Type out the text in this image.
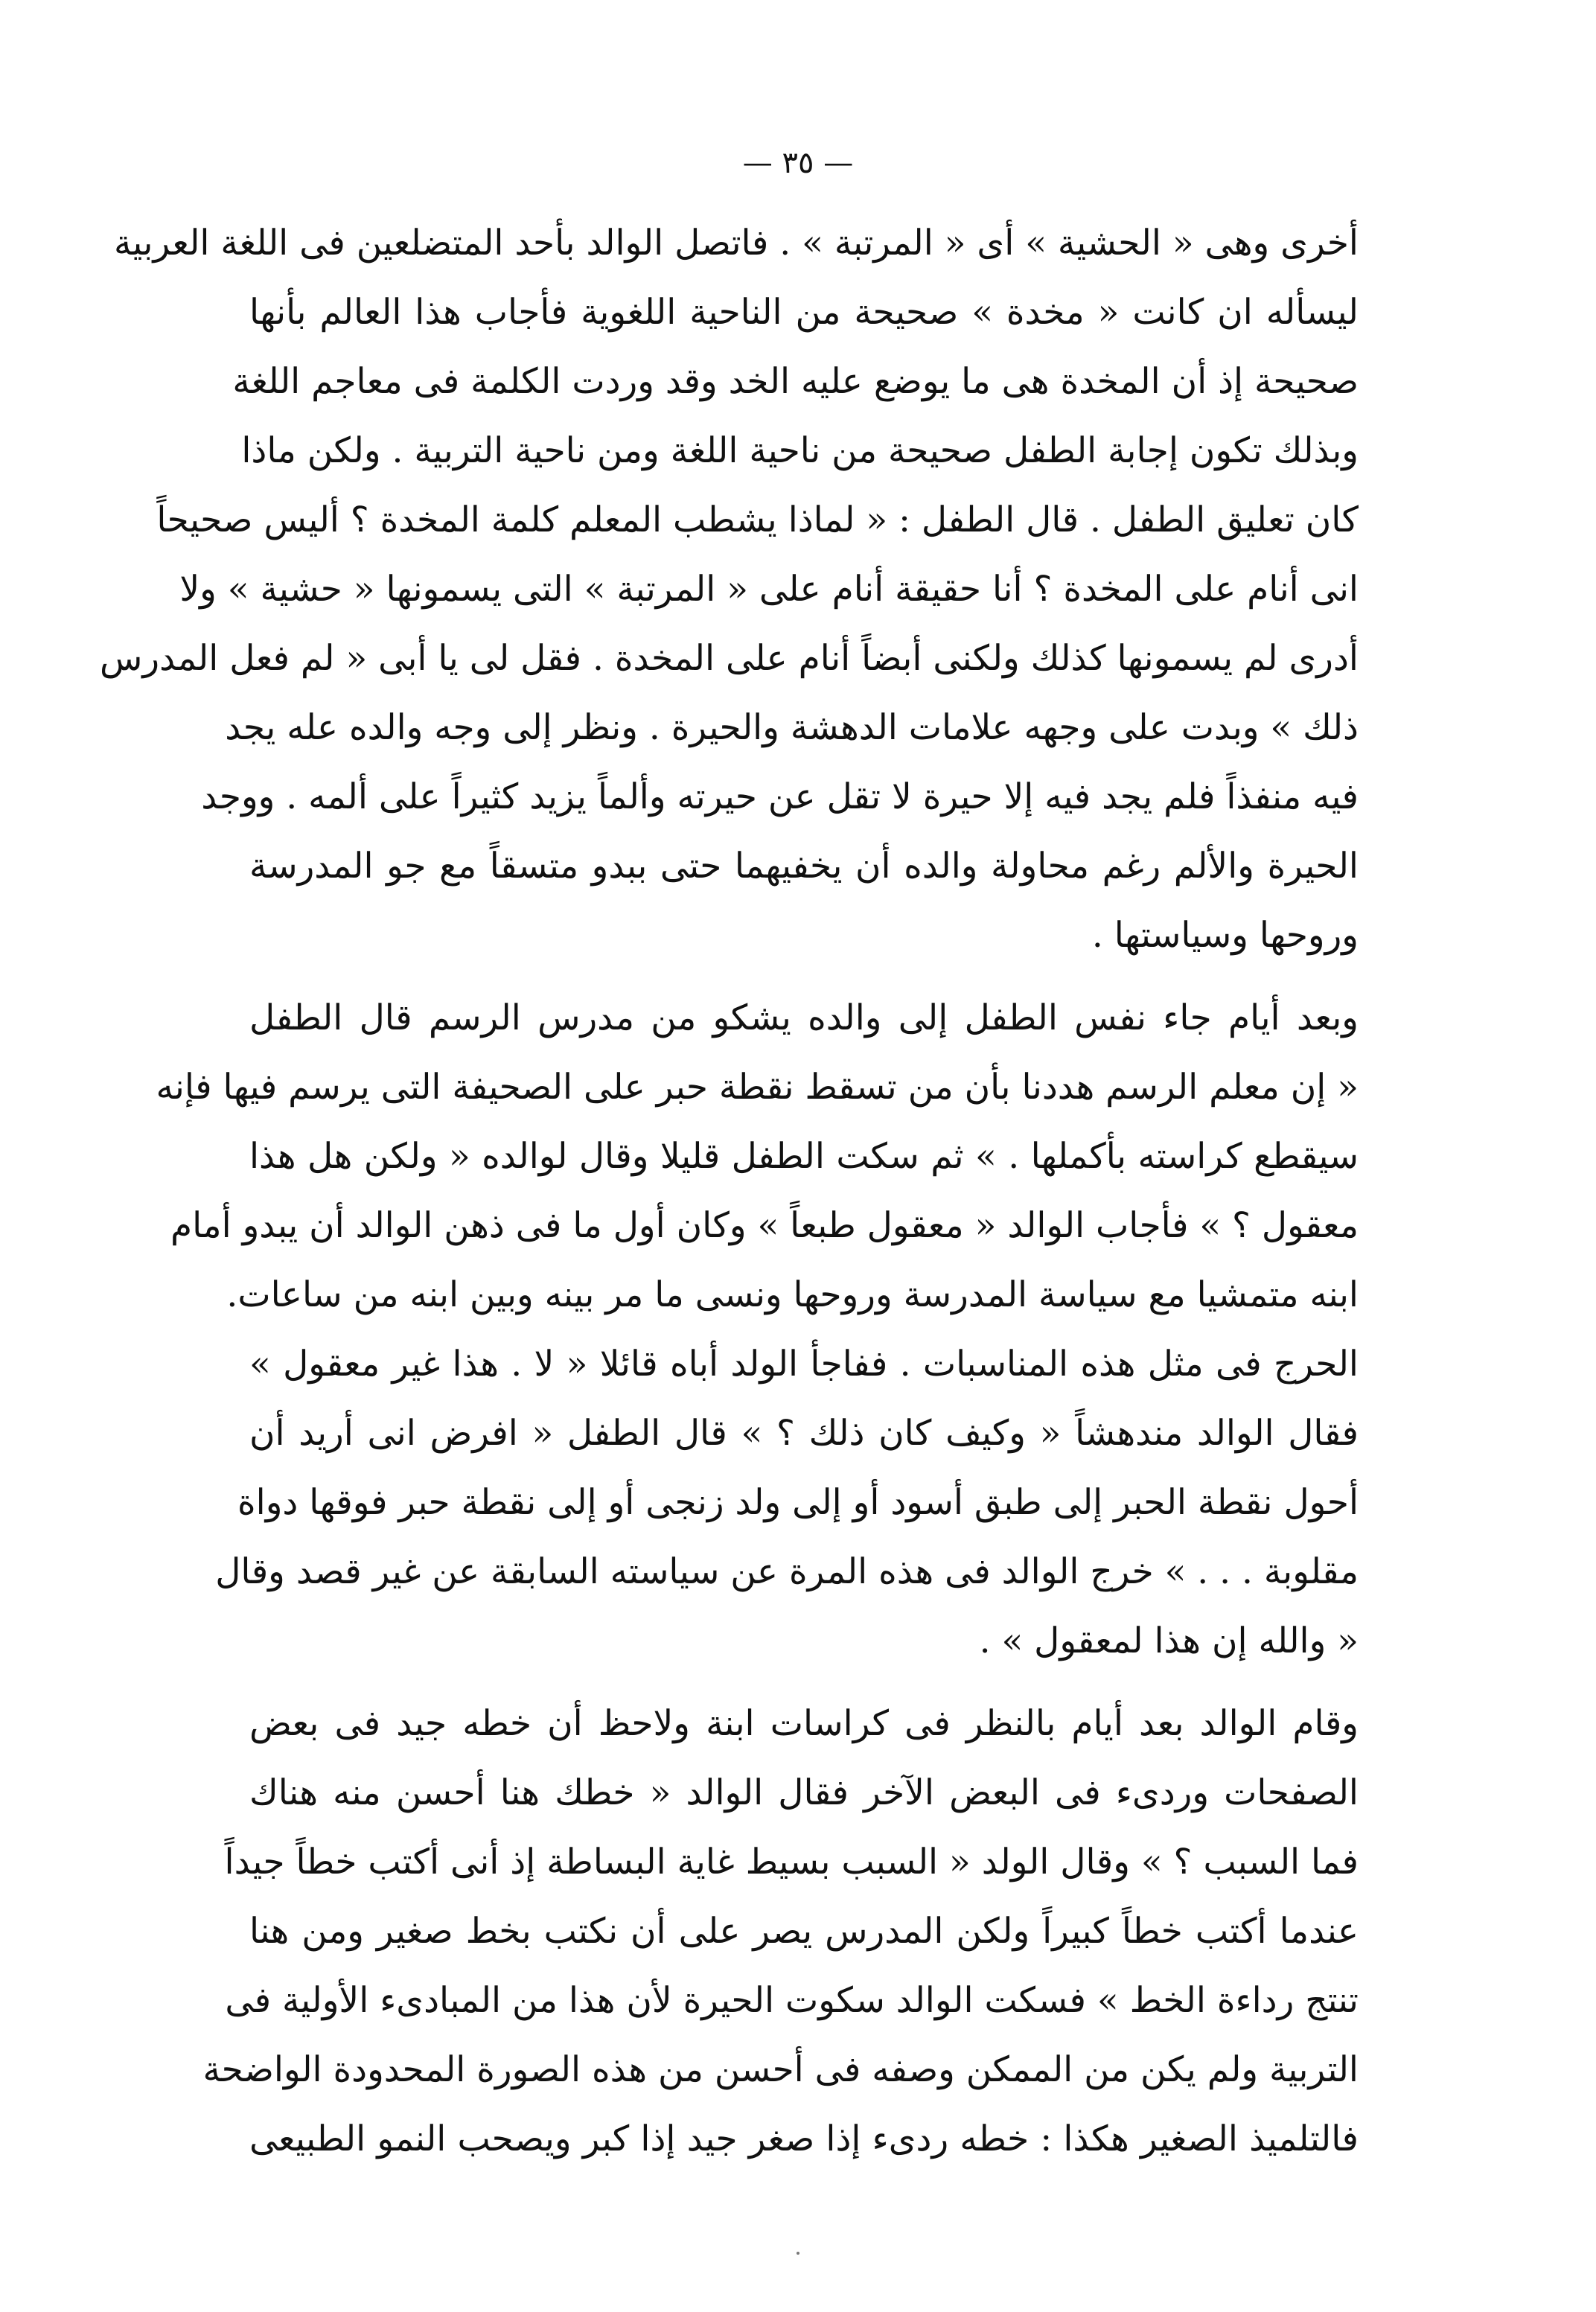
— ٣٥ —
أخرى وهى « الحشية » أى « المرتبة » . فاتصل الوالد بأحد المتضلعين فى اللغة العربية
ليسأله ان كانت « مخدة » صحيحة من الناحية اللغوية فأجاب هذا العالم بأنها
صحيحة إذ أن المخدة هى ما يوضع عليه الخد وقد وردت الكلمة فى معاجم اللغة
وبذلك تكون إجابة الطفل صحيحة من ناحية اللغة ومن ناحية التربية . ولكن ماذا
كان تعليق الطفل . قال الطفل : « لماذا يشطب المعلم كلمة المخدة ؟ أليس صحيحاً
انى أنام على المخدة ؟ أنا حقيقة أنام على « المرتبة » التى يسمونها « حشية » ولا
أدرى لم يسمونها كذلك ولكنى أبضاً أنام على المخدة . فقل لى يا أبى « لم فعل المدرس
ذلك » وبدت على وجهه علامات الدهشة والحيرة . ونظر إلى وجه والده عله يجد
فيه منفذاً فلم يجد فيه إلا حيرة لا تقل عن حيرته وألماً يزيد كثيراً على ألمه . ووجد
الحيرة والألم رغم محاولة والده أن يخفيهما حتى ببدو متسقاً مع جو المدرسة
وروحها وسياستها .
وبعد أيام جاء نفس الطفل إلى والده يشكو من مدرس الرسم قال الطفل
« إن معلم الرسم هددنا بأن من تسقط نقطة حبر على الصحيفة التى يرسم فيها فإنه
سيقطع كراسته بأكملها . » ثم سكت الطفل قليلا وقال لوالده « ولكن هل هذا
معقول ؟ » فأجاب الوالد « معقول طبعاً » وكان أول ما فى ذهن الوالد أن يبدو أمام
ابنه متمشيا مع سياسة المدرسة وروحها ونسى ما مر بينه وبين ابنه من ساعات.
الحرج فى مثل هذه المناسبات . ففاجأ الولد أباه قائلا « لا . هذا غير معقول »
فقال الوالد مندهشاً « وكيف كان ذلك ؟ » قال الطفل « افرض انى أريد أن
أحول نقطة الحبر إلى طبق أسود أو إلى ولد زنجى أو إلى نقطة حبر فوقها دواة
مقلوبة . . . » خرج الوالد فى هذه المرة عن سياسته السابقة عن غير قصد وقال
« والله إن هذا لمعقول » .
وقام الوالد بعد أيام بالنظر فى كراسات ابنة ولاحظ أن خطه جيد فى بعض
الصفحات وردىء فى البعض الآخر فقال الوالد « خطك هنا أحسن منه هناك
فما السبب ؟ » وقال الولد « السبب بسيط غاية البساطة إذ أنى أكتب خطاً جيداً
عندما أكتب خطاً كبيراً ولكن المدرس يصر على أن نكتب بخط صغير ومن هنا
تنتج رداءة الخط » فسكت الوالد سكوت الحيرة لأن هذا من المبادىء الأولية فى
التربية ولم يكن من الممكن وصفه فى أحسن من هذه الصورة المحدودة الواضحة
فالتلميذ الصغير هكذا : خطه ردىء إذا صغر جيد إذا كبر ويصحب النمو الطبيعى
